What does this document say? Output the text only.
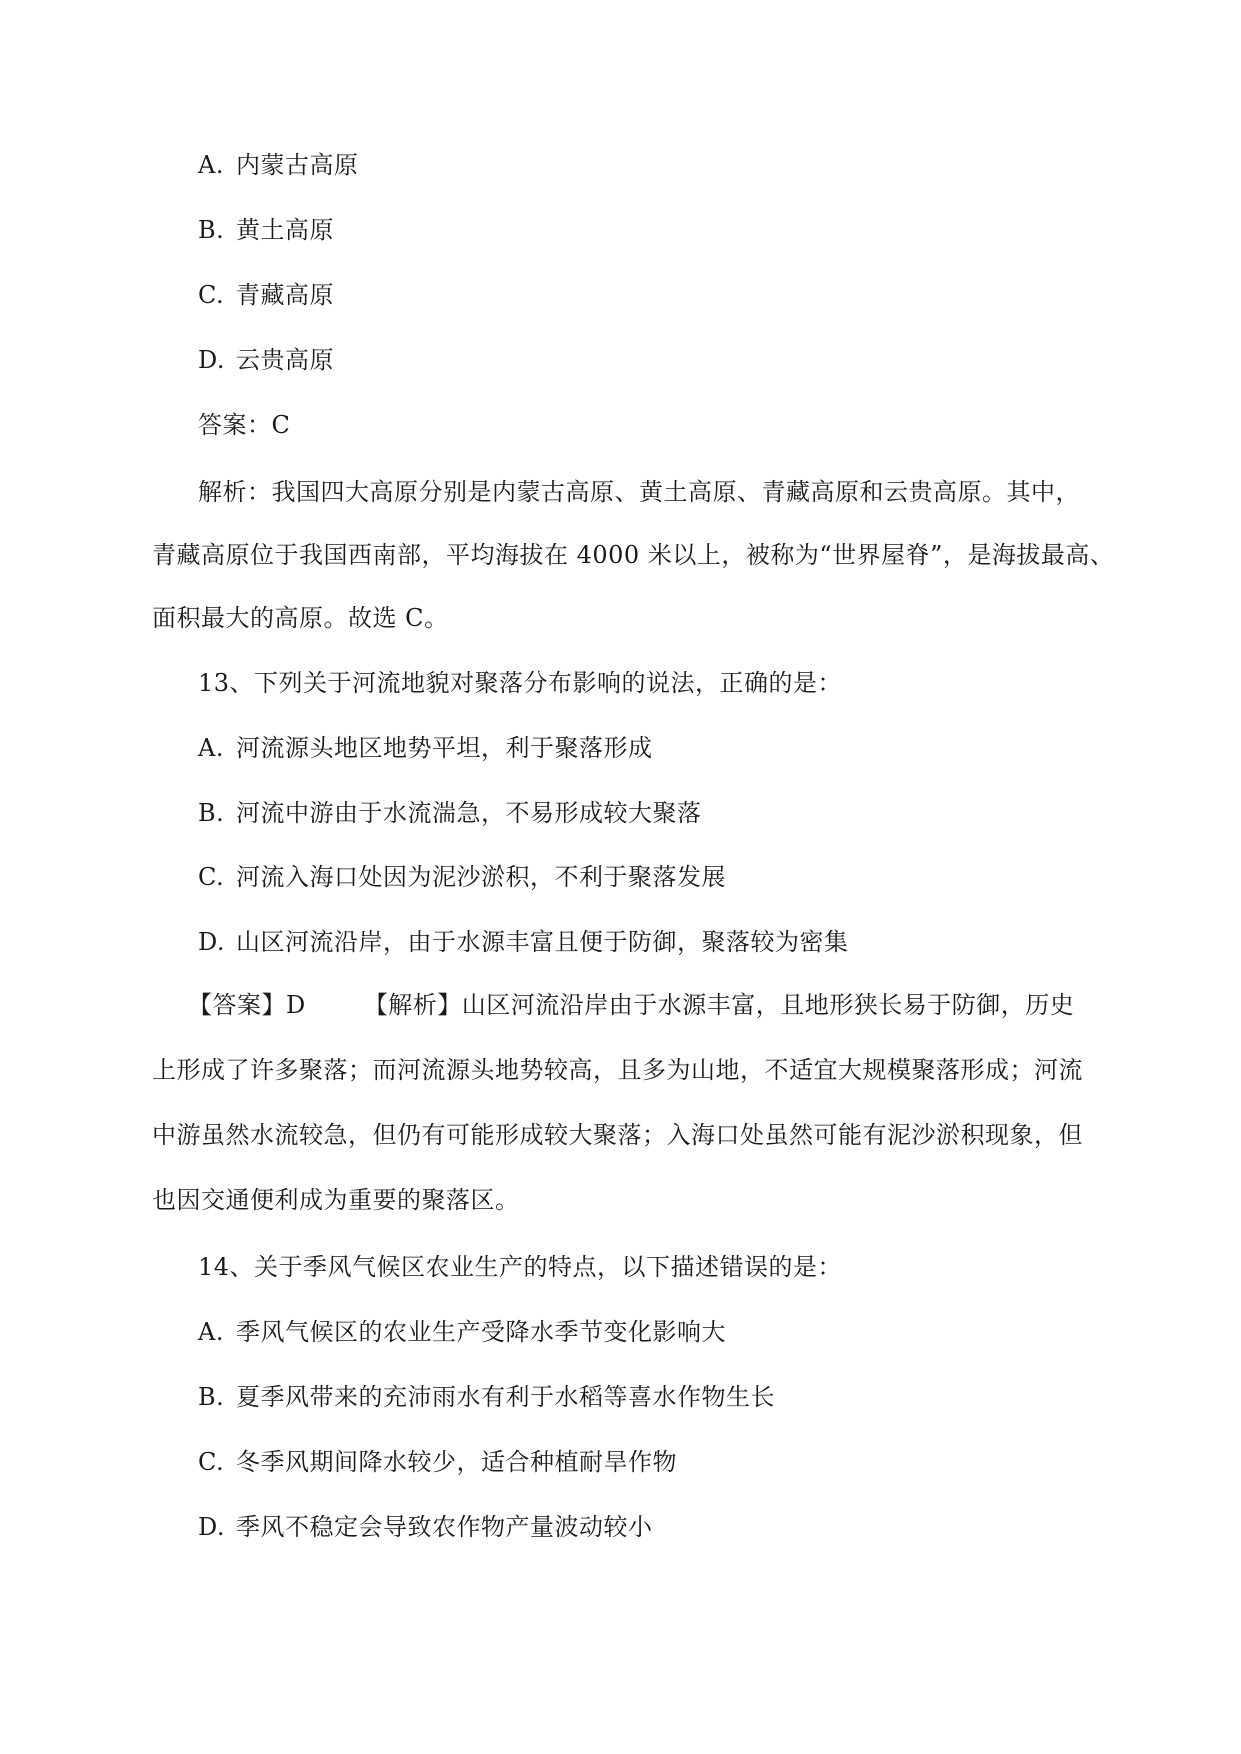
A. 内蒙古高原
B. 黄土高原
C. 青藏高原
D. 云贵高原
答案：C
解析：我国四大高原分别是内蒙古高原、黄土高原、青藏高原和云贵高原。其中，
青藏高原位于我国西南部，平均海拔在 4000 米以上，被称为“世界屋脊”，是海拔最高、
面积最大的高原。故选 C。
13、下列关于河流地貌对聚落分布影响的说法，正确的是：
A. 河流源头地区地势平坦，利于聚落形成
B. 河流中游由于水流湍急，不易形成较大聚落
C. 河流入海口处因为泥沙淤积，不利于聚落发展
D. 山区河流沿岸，由于水源丰富且便于防御，聚落较为密集
【答案】D 【解析】山区河流沿岸由于水源丰富，且地形狭长易于防御，历史
上形成了许多聚落；而河流源头地势较高，且多为山地，不适宜大规模聚落形成；河流
中游虽然水流较急，但仍有可能形成较大聚落；入海口处虽然可能有泥沙淤积现象，但
也因交通便利成为重要的聚落区。
14、关于季风气候区农业生产的特点，以下描述错误的是：
A. 季风气候区的农业生产受降水季节变化影响大
B. 夏季风带来的充沛雨水有利于水稻等喜水作物生长
C. 冬季风期间降水较少，适合种植耐旱作物
D. 季风不稳定会导致农作物产量波动较小
